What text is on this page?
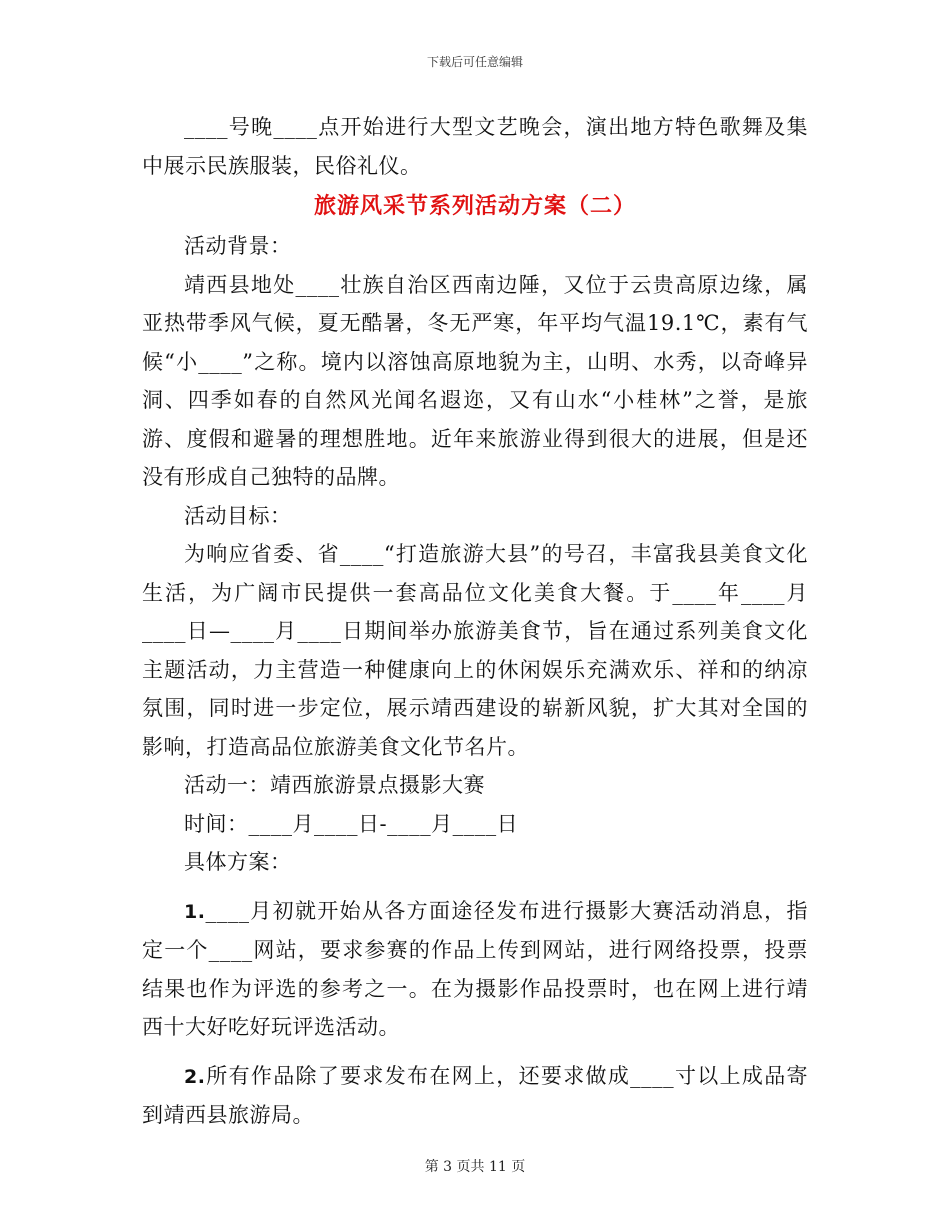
下载后可任意编辑

____号晚____点开始进行大型文艺晚会，演出地方特色歌舞及集中展示民族服装，民俗礼仪。

旅游风采节系列活动方案（二）

活动背景：

靖西县地处____壮族自治区西南边陲，又位于云贵高原边缘，属亚热带季风气候，夏无酷暑，冬无严寒，年平均气温19.1℃，素有气候“小____”之称。境内以溶蚀高原地貌为主，山明、水秀，以奇峰异洞、四季如春的自然风光闻名遐迩，又有山水“小桂林”之誉，是旅游、度假和避暑的理想胜地。近年来旅游业得到很大的进展，但是还没有形成自己独特的品牌。

活动目标：

为响应省委、省____“打造旅游大县”的号召，丰富我县美食文化生活，为广阔市民提供一套高品位文化美食大餐。于____年____月____日—____月____日期间举办旅游美食节，旨在通过系列美食文化主题活动，力主营造一种健康向上的休闲娱乐充满欢乐、祥和的纳凉氛围，同时进一步定位，展示靖西建设的崭新风貌，扩大其对全国的影响，打造高品位旅游美食文化节名片。

活动一：靖西旅游景点摄影大赛

时间：____月____日-____月____日

具体方案：

1.____月初就开始从各方面途径发布进行摄影大赛活动消息，指定一个____网站，要求参赛的作品上传到网站，进行网络投票，投票结果也作为评选的参考之一。在为摄影作品投票时，也在网上进行靖西十大好吃好玩评选活动。

2.所有作品除了要求发布在网上，还要求做成____寸以上成品寄到靖西县旅游局。

第 3 页共 11 页
